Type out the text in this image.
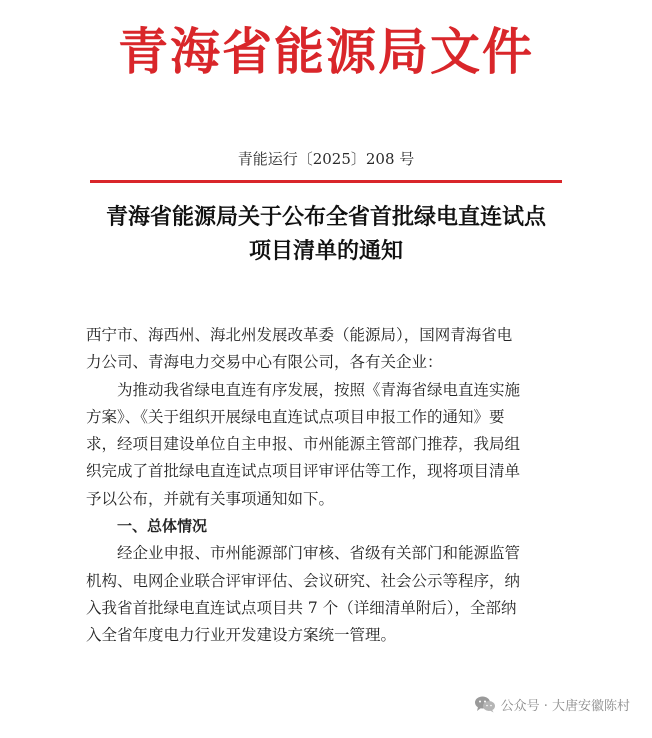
青海省能源局文件
青能运行〔2025〕208 号
青海省能源局关于公布全省首批绿电直连试点
项目清单的通知
西宁市、海西州、海北州发展改革委（能源局），国网青海省电
力公司、青海电力交易中心有限公司，各有关企业：
为推动我省绿电直连有序发展，按照《青海省绿电直连实施
方案》、《关于组织开展绿电直连试点项目申报工作的通知》要
求，经项目建设单位自主申报、市州能源主管部门推荐，我局组
织完成了首批绿电直连试点项目评审评估等工作，现将项目清单
予以公布，并就有关事项通知如下。
一、总体情况
经企业申报、市州能源部门审核、省级有关部门和能源监管
机构、电网企业联合评审评估、会议研究、社会公示等程序，纳
入我省首批绿电直连试点项目共 7 个（详细清单附后），全部纳
入全省年度电力行业开发建设方案统一管理。
公众号 · 大唐安徽陈村
